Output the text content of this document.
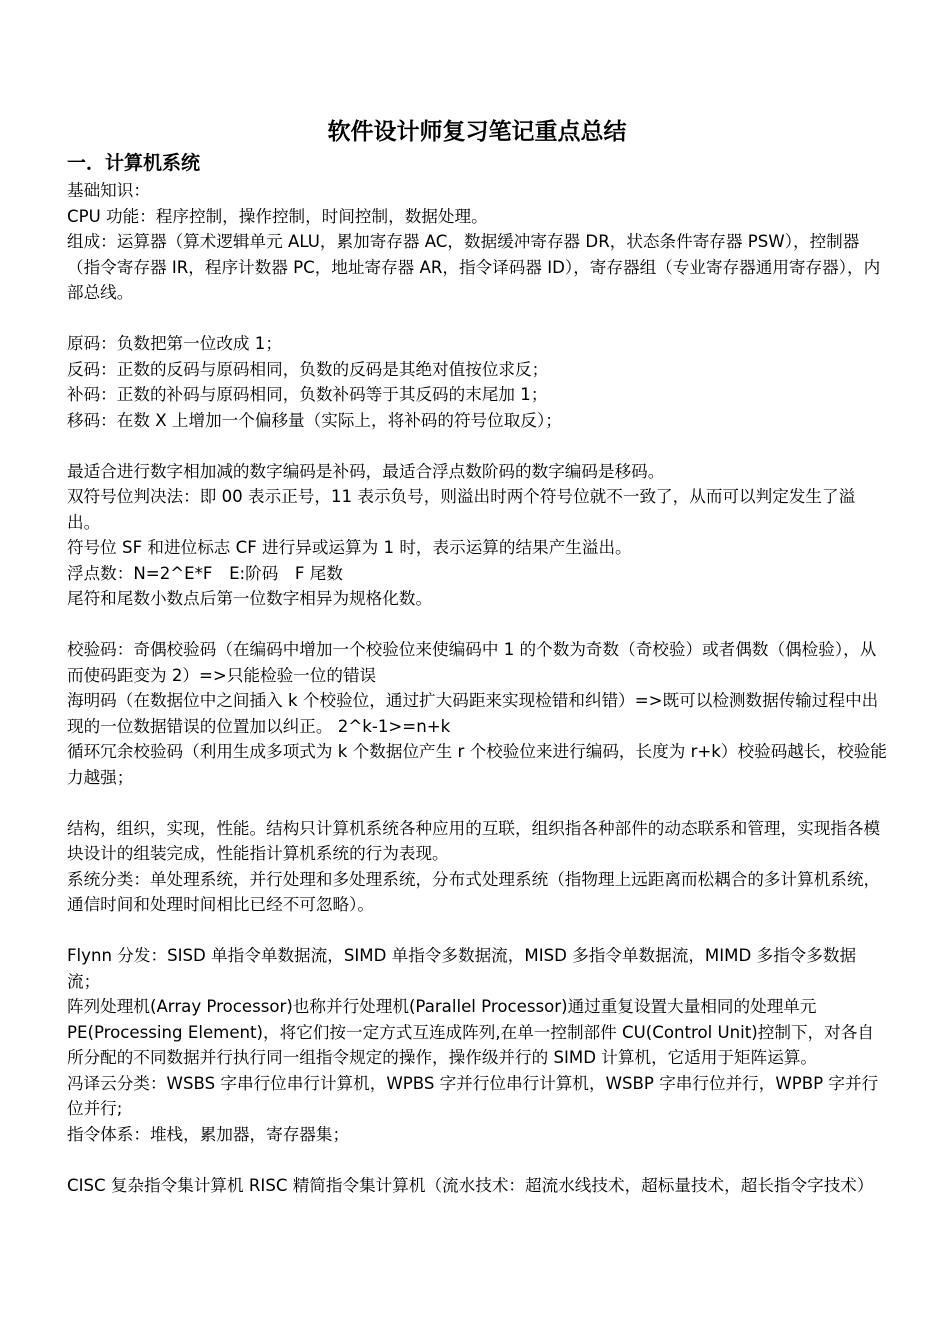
软件设计师复习笔记重点总结
一．计算机系统

基础知识：

CPU 功能：程序控制，操作控制，时间控制，数据处理。

组成：运算器（算术逻辑单元 ALU，累加寄存器 AC，数据缓冲寄存器 DR，状态条件寄存器 PSW），控制器（指令寄存器 IR，程序计数器 PC，地址寄存器 AR，指令译码器 ID），寄存器组（专业寄存器通用寄存器），内部总线。

原码：负数把第一位改成 1；

反码：正数的反码与原码相同，负数的反码是其绝对值按位求反；

补码：正数的补码与原码相同，负数补码等于其反码的末尾加 1；

移码：在数 X 上增加一个偏移量（实际上，将补码的符号位取反）；

最适合进行数字相加减的数字编码是补码，最适合浮点数阶码的数字编码是移码。

双符号位判决法：即 00 表示正号，11 表示负号，则溢出时两个符号位就不一致了，从而可以判定发生了溢出。

符号位 SF 和进位标志 CF 进行异或运算为 1 时，表示运算的结果产生溢出。

浮点数：N=2^E*F　E:阶码　F 尾数

尾符和尾数小数点后第一位数字相异为规格化数。

校验码：奇偶校验码（在编码中增加一个校验位来使编码中 1 的个数为奇数（奇校验）或者偶数（偶检验），从而使码距变为 2）=>只能检验一位的错误

海明码（在数据位中之间插入 k 个校验位，通过扩大码距来实现检错和纠错）=>既可以检测数据传输过程中出现的一位数据错误的位置加以纠正。 2^k-1>=n+k

循环冗余校验码（利用生成多项式为 k 个数据位产生 r 个校验位来进行编码，长度为 r+k）校验码越长，校验能力越强；

结构，组织，实现，性能。结构只计算机系统各种应用的互联，组织指各种部件的动态联系和管理，实现指各模块设计的组装完成，性能指计算机系统的行为表现。

系统分类：单处理系统，并行处理和多处理系统，分布式处理系统（指物理上远距离而松耦合的多计算机系统，通信时间和处理时间相比已经不可忽略）。

Flynn 分发：SISD 单指令单数据流，SIMD 单指令多数据流，MISD 多指令单数据流，MIMD 多指令多数据流；

阵列处理机(Array Processor)也称并行处理机(Parallel Processor)通过重复设置大量相同的处理单元 PE(Processing Element)，将它们按一定方式互连成阵列,在单一控制部件 CU(Control Unit)控制下，对各自所分配的不同数据并行执行同一组指令规定的操作，操作级并行的 SIMD 计算机，它适用于矩阵运算。

冯译云分类：WSBS 字串行位串行计算机，WPBS 字并行位串行计算机，WSBP 字串行位并行，WPBP 字并行位并行;

指令体系：堆栈，累加器，寄存器集；

CISC 复杂指令集计算机 RISC 精简指令集计算机（流水技术：超流水线技术，超标量技术，超长指令字技术）
